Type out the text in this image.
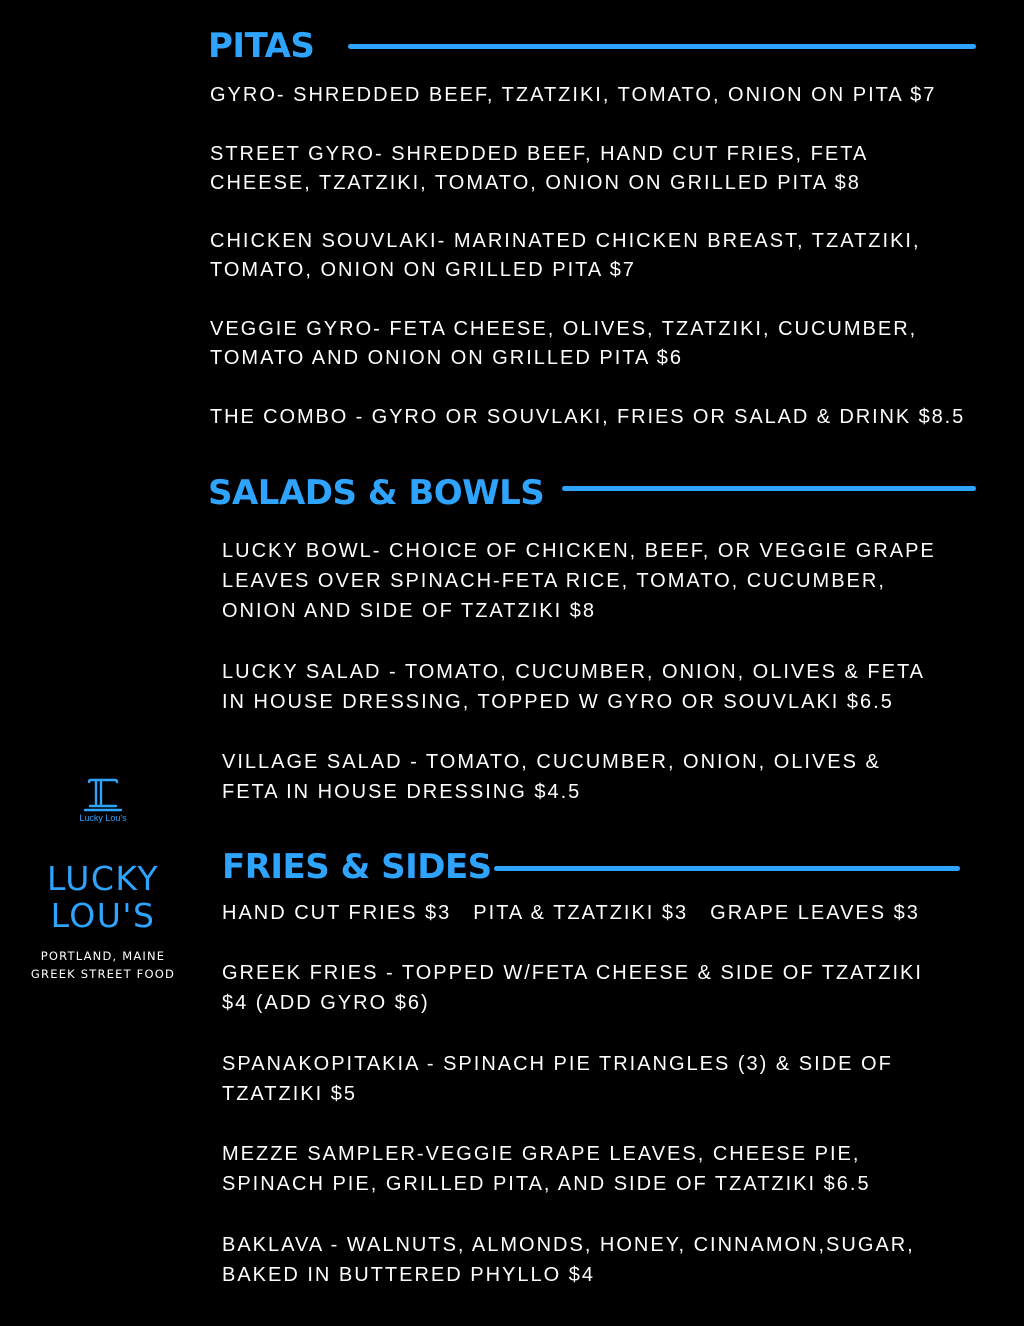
PITAS

GYRO- SHREDDED BEEF, TZATZIKI, TOMATO, ONION ON PITA $7

STREET GYRO- SHREDDED BEEF, HAND CUT FRIES, FETA
CHEESE, TZATZIKI, TOMATO, ONION ON GRILLED PITA $8

CHICKEN SOUVLAKI- MARINATED CHICKEN BREAST, TZATZIKI,
TOMATO, ONION ON GRILLED PITA $7

VEGGIE GYRO- FETA CHEESE, OLIVES, TZATZIKI, CUCUMBER,
TOMATO AND ONION ON GRILLED PITA $6

THE COMBO - GYRO OR SOUVLAKI, FRIES OR SALAD & DRINK $8.5

SALADS & BOWLS

LUCKY BOWL- CHOICE OF CHICKEN, BEEF, OR VEGGIE GRAPE
LEAVES OVER SPINACH-FETA RICE, TOMATO, CUCUMBER,
ONION AND SIDE OF TZATZIKI $8

LUCKY SALAD - TOMATO, CUCUMBER, ONION, OLIVES & FETA
IN HOUSE DRESSING, TOPPED W GYRO OR SOUVLAKI $6.5

VILLAGE SALAD - TOMATO, CUCUMBER, ONION, OLIVES &
FETA IN HOUSE DRESSING $4.5

FRIES & SIDES

HAND CUT FRIES $3 PITA & TZATZIKI $3 GRAPE LEAVES $3

GREEK FRIES - TOPPED W/FETA CHEESE & SIDE OF TZATZIKI
$4 (ADD GYRO $6)

SPANAKOPITAKIA - SPINACH PIE TRIANGLES (3) & SIDE OF
TZATZIKI $5

MEZZE SAMPLER-VEGGIE GRAPE LEAVES, CHEESE PIE,
SPINACH PIE, GRILLED PITA, AND SIDE OF TZATZIKI $6.5

BAKLAVA - WALNUTS, ALMONDS, HONEY, CINNAMON,SUGAR,
BAKED IN BUTTERED PHYLLO $4

Lucky Lou's
LUCKY
LOU'S
PORTLAND, MAINE
GREEK STREET FOOD
